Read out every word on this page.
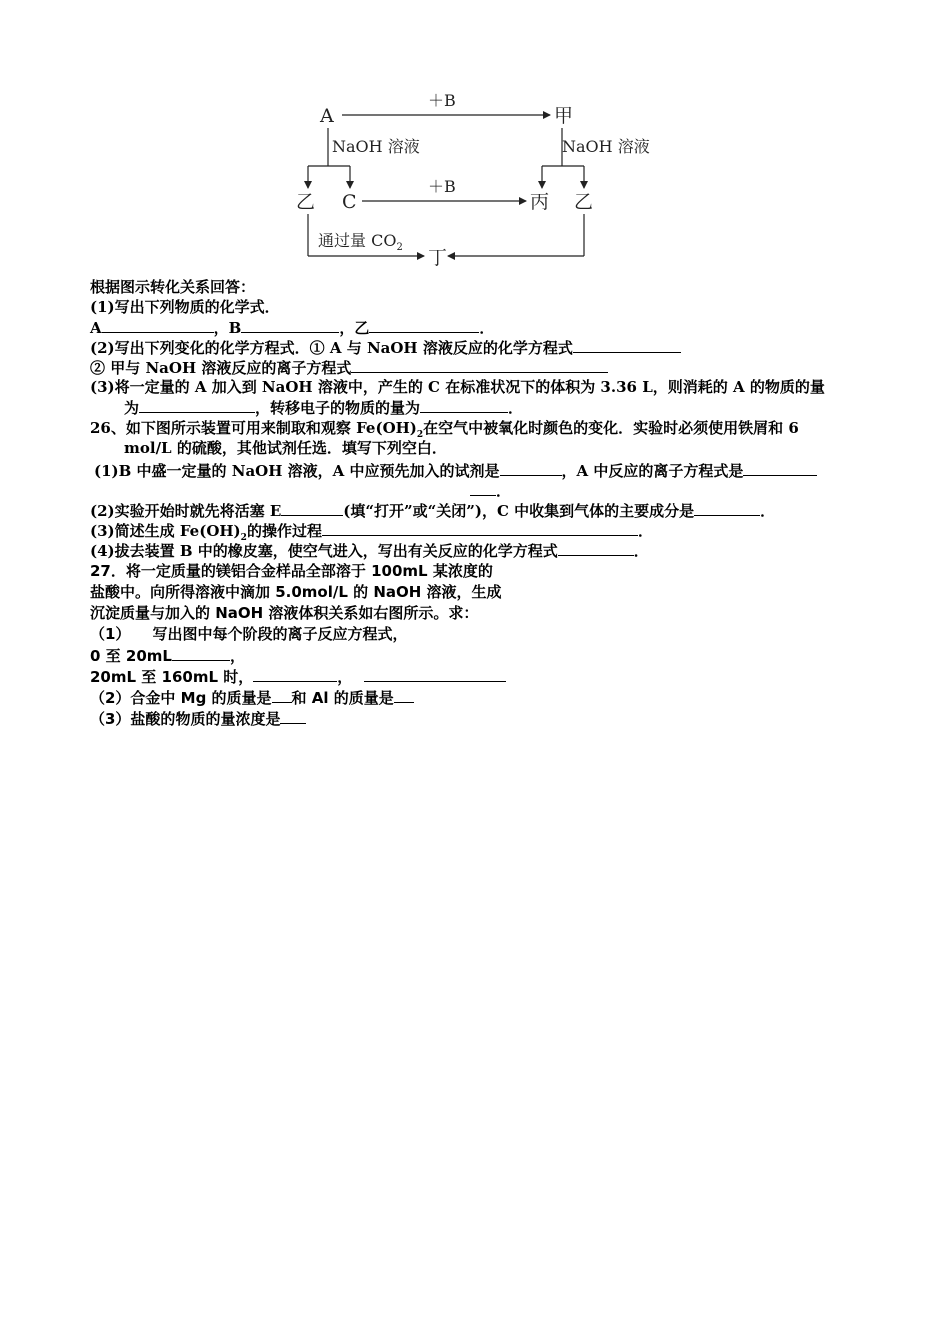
A	甲
乙 C	丙 乙
丁
＋B
＋B
NaOH 溶液	NaOH 溶液
通过量 $CO_2$
根据图示转化关系回答：
(1)写出下列物质的化学式．
A	，B	，乙	．
(2)写出下列变化的化学方程式．① A 与 NaOH 溶液反应的化学方程式
② 甲与 NaOH 溶液反应的离子方程式
(3)将一定量的 A 加入到 NaOH 溶液中，产生的 C 在标准状况下的体积为 3.36 L，则消耗的 A 的物质的量
为	，转移电子的物质的量为	．
26、如下图所示装置可用来制取和观察 $Fe(OH)_2$在空气中被氧化时颜色的变化．实验时必须使用铁屑和 6
mol/L 的硫酸，其他试剂任选．填写下列空白．
(1)B 中盛一定量的 NaOH 溶液，A 中应预先加入的试剂是	，A 中反应的离子方程式是
．
(2)实验开始时就先将活塞 E	(填“打开”或“关闭”)，C 中收集到气体的主要成分是	．
(3)简述生成 $Fe(OH)_2$的操作过程	．
(4)拔去装置 B 中的橡皮塞，使空气进入，写出有关反应的化学方程式	．
27．将一定质量的镁铝合金样品全部溶于 100mL 某浓度的
盐酸中。向所得溶液中滴加 5.0mol/L 的 NaOH 溶液，生成
沉淀质量与加入的 NaOH 溶液体积关系如右图所示。求：
（1） 写出图中每个阶段的离子反应方程式，
0 至 20mL	，
20mL 至 160mL 时，	，
（2）合金中 Mg 的质量是 和 Al 的质量是
（3）盐酸的物质的量浓度是
